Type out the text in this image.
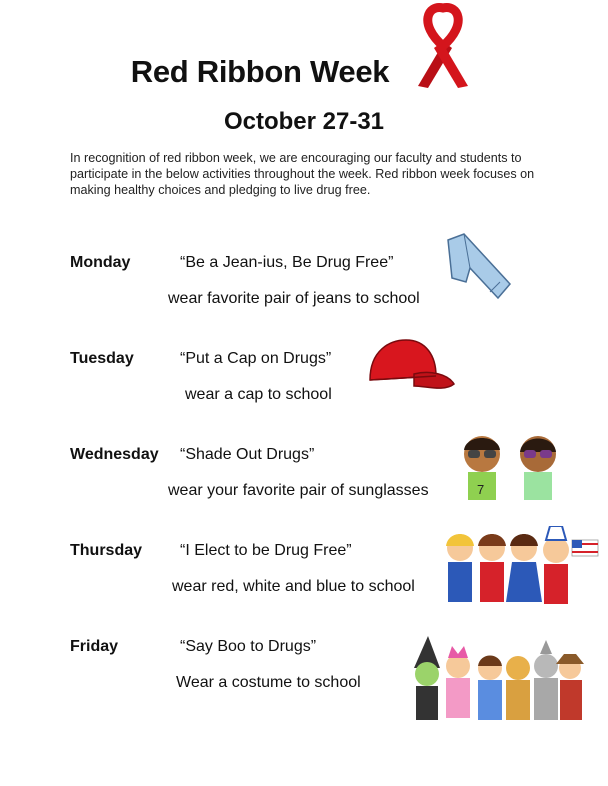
Red Ribbon Week
October 27-31
In recognition of red ribbon week, we are encouraging our faculty and students to participate in the below activities throughout the week. Red ribbon week focuses on making healthy choices and pledging to live drug free.
Monday	“Be a Jean-ius, Be Drug Free”
wear favorite pair of jeans to school
Tuesday	“Put a Cap on Drugs”
wear a cap to school
Wednesday “Shade Out Drugs”
wear your favorite pair of sunglasses	7
Thursday “I Elect to be Drug Free”
wear red, white and blue to school
Friday	“Say Boo to Drugs”
Wear a costume to school
